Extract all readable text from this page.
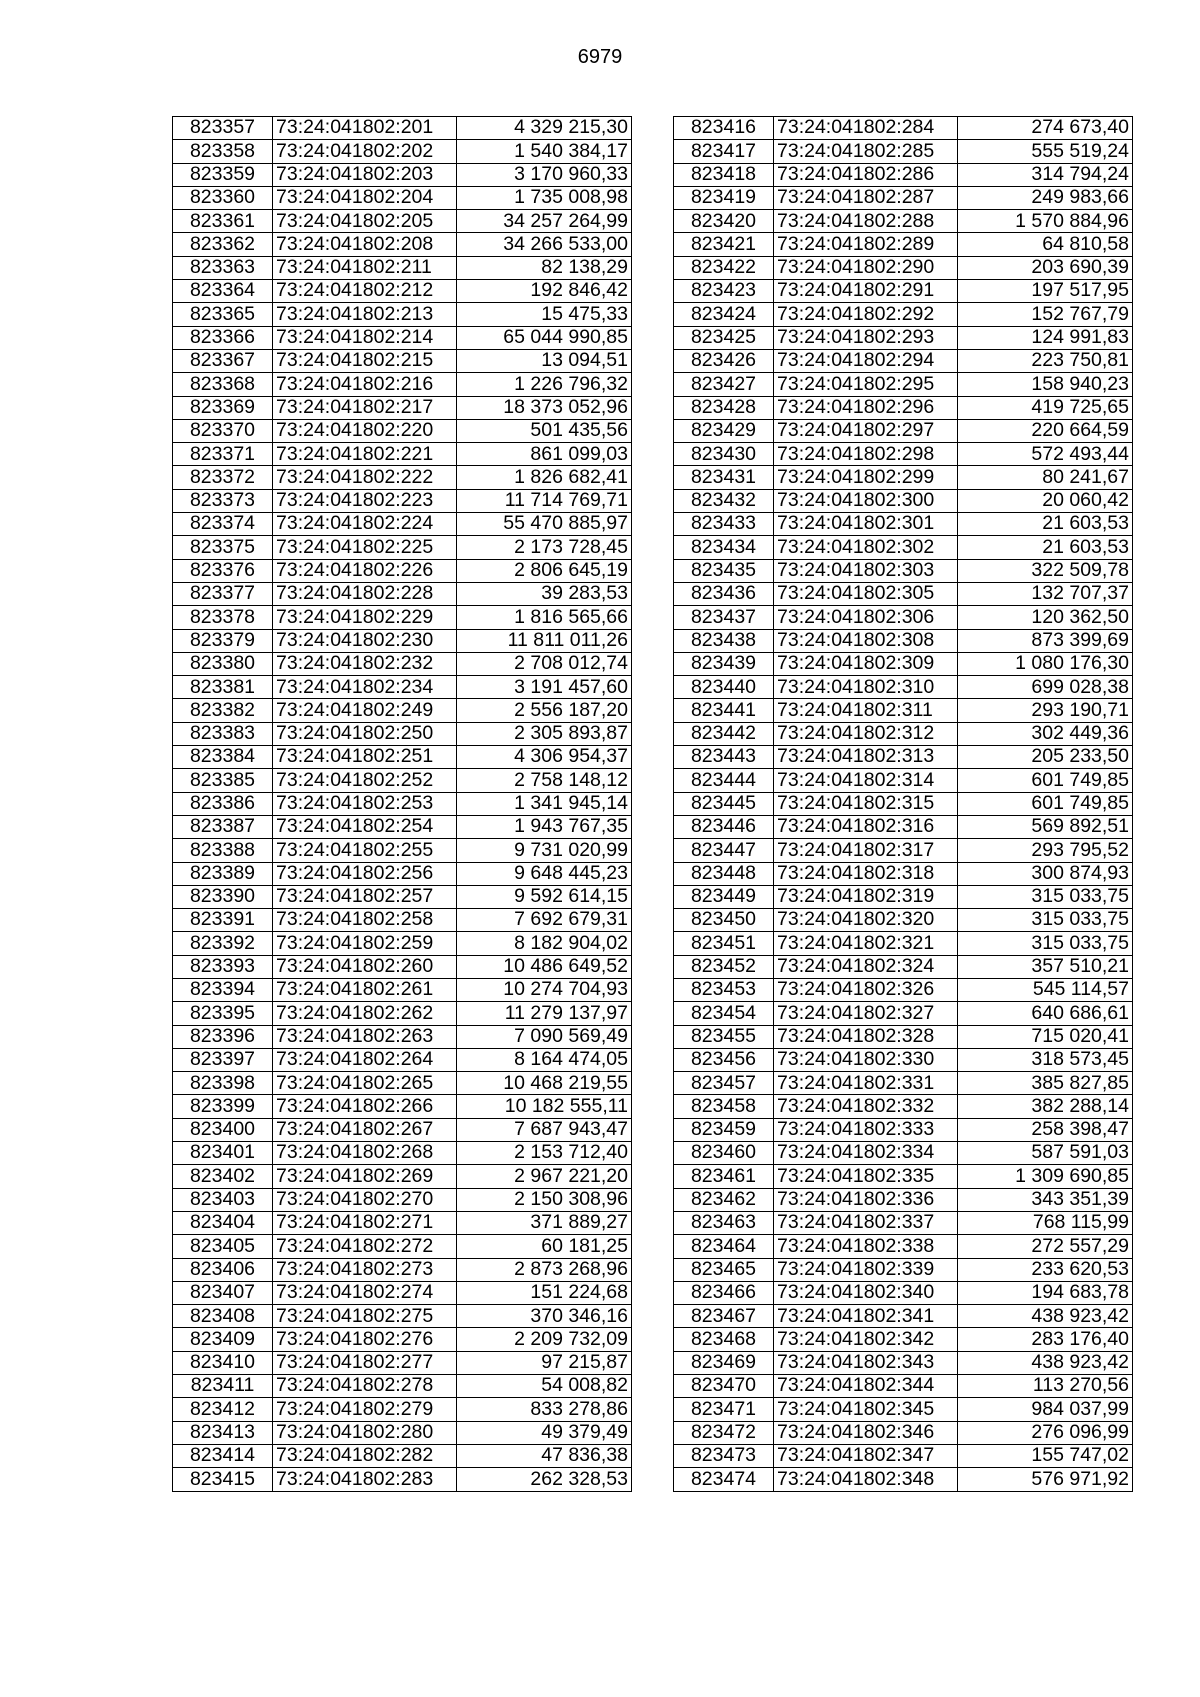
6979
823357	73:24:041802:201	4 329 215,30
823358	73:24:041802:202	1 540 384,17
823359	73:24:041802:203	3 170 960,33
823360	73:24:041802:204	1 735 008,98
823361	73:24:041802:205	34 257 264,99
823362	73:24:041802:208	34 266 533,00
823363	73:24:041802:211	82 138,29
823364	73:24:041802:212	192 846,42
823365	73:24:041802:213	15 475,33
823366	73:24:041802:214	65 044 990,85
823367	73:24:041802:215	13 094,51
823368	73:24:041802:216	1 226 796,32
823369	73:24:041802:217	18 373 052,96
823370	73:24:041802:220	501 435,56
823371	73:24:041802:221	861 099,03
823372	73:24:041802:222	1 826 682,41
823373	73:24:041802:223	11 714 769,71
823374	73:24:041802:224	55 470 885,97
823375	73:24:041802:225	2 173 728,45
823376	73:24:041802:226	2 806 645,19
823377	73:24:041802:228	39 283,53
823378	73:24:041802:229	1 816 565,66
823379	73:24:041802:230	11 811 011,26
823380	73:24:041802:232	2 708 012,74
823381	73:24:041802:234	3 191 457,60
823382	73:24:041802:249	2 556 187,20
823383	73:24:041802:250	2 305 893,87
823384	73:24:041802:251	4 306 954,37
823385	73:24:041802:252	2 758 148,12
823386	73:24:041802:253	1 341 945,14
823387	73:24:041802:254	1 943 767,35
823388	73:24:041802:255	9 731 020,99
823389	73:24:041802:256	9 648 445,23
823390	73:24:041802:257	9 592 614,15
823391	73:24:041802:258	7 692 679,31
823392	73:24:041802:259	8 182 904,02
823393	73:24:041802:260	10 486 649,52
823394	73:24:041802:261	10 274 704,93
823395	73:24:041802:262	11 279 137,97
823396	73:24:041802:263	7 090 569,49
823397	73:24:041802:264	8 164 474,05
823398	73:24:041802:265	10 468 219,55
823399	73:24:041802:266	10 182 555,11
823400	73:24:041802:267	7 687 943,47
823401	73:24:041802:268	2 153 712,40
823402	73:24:041802:269	2 967 221,20
823403	73:24:041802:270	2 150 308,96
823404	73:24:041802:271	371 889,27
823405	73:24:041802:272	60 181,25
823406	73:24:041802:273	2 873 268,96
823407	73:24:041802:274	151 224,68
823408	73:24:041802:275	370 346,16
823409	73:24:041802:276	2 209 732,09
823410	73:24:041802:277	97 215,87
823411	73:24:041802:278	54 008,82
823412	73:24:041802:279	833 278,86
823413	73:24:041802:280	49 379,49
823414	73:24:041802:282	47 836,38
823415	73:24:041802:283	262 328,53
823416	73:24:041802:284	274 673,40
823417	73:24:041802:285	555 519,24
823418	73:24:041802:286	314 794,24
823419	73:24:041802:287	249 983,66
823420	73:24:041802:288	1 570 884,96
823421	73:24:041802:289	64 810,58
823422	73:24:041802:290	203 690,39
823423	73:24:041802:291	197 517,95
823424	73:24:041802:292	152 767,79
823425	73:24:041802:293	124 991,83
823426	73:24:041802:294	223 750,81
823427	73:24:041802:295	158 940,23
823428	73:24:041802:296	419 725,65
823429	73:24:041802:297	220 664,59
823430	73:24:041802:298	572 493,44
823431	73:24:041802:299	80 241,67
823432	73:24:041802:300	20 060,42
823433	73:24:041802:301	21 603,53
823434	73:24:041802:302	21 603,53
823435	73:24:041802:303	322 509,78
823436	73:24:041802:305	132 707,37
823437	73:24:041802:306	120 362,50
823438	73:24:041802:308	873 399,69
823439	73:24:041802:309	1 080 176,30
823440	73:24:041802:310	699 028,38
823441	73:24:041802:311	293 190,71
823442	73:24:041802:312	302 449,36
823443	73:24:041802:313	205 233,50
823444	73:24:041802:314	601 749,85
823445	73:24:041802:315	601 749,85
823446	73:24:041802:316	569 892,51
823447	73:24:041802:317	293 795,52
823448	73:24:041802:318	300 874,93
823449	73:24:041802:319	315 033,75
823450	73:24:041802:320	315 033,75
823451	73:24:041802:321	315 033,75
823452	73:24:041802:324	357 510,21
823453	73:24:041802:326	545 114,57
823454	73:24:041802:327	640 686,61
823455	73:24:041802:328	715 020,41
823456	73:24:041802:330	318 573,45
823457	73:24:041802:331	385 827,85
823458	73:24:041802:332	382 288,14
823459	73:24:041802:333	258 398,47
823460	73:24:041802:334	587 591,03
823461	73:24:041802:335	1 309 690,85
823462	73:24:041802:336	343 351,39
823463	73:24:041802:337	768 115,99
823464	73:24:041802:338	272 557,29
823465	73:24:041802:339	233 620,53
823466	73:24:041802:340	194 683,78
823467	73:24:041802:341	438 923,42
823468	73:24:041802:342	283 176,40
823469	73:24:041802:343	438 923,42
823470	73:24:041802:344	113 270,56
823471	73:24:041802:345	984 037,99
823472	73:24:041802:346	276 096,99
823473	73:24:041802:347	155 747,02
823474	73:24:041802:348	576 971,92
